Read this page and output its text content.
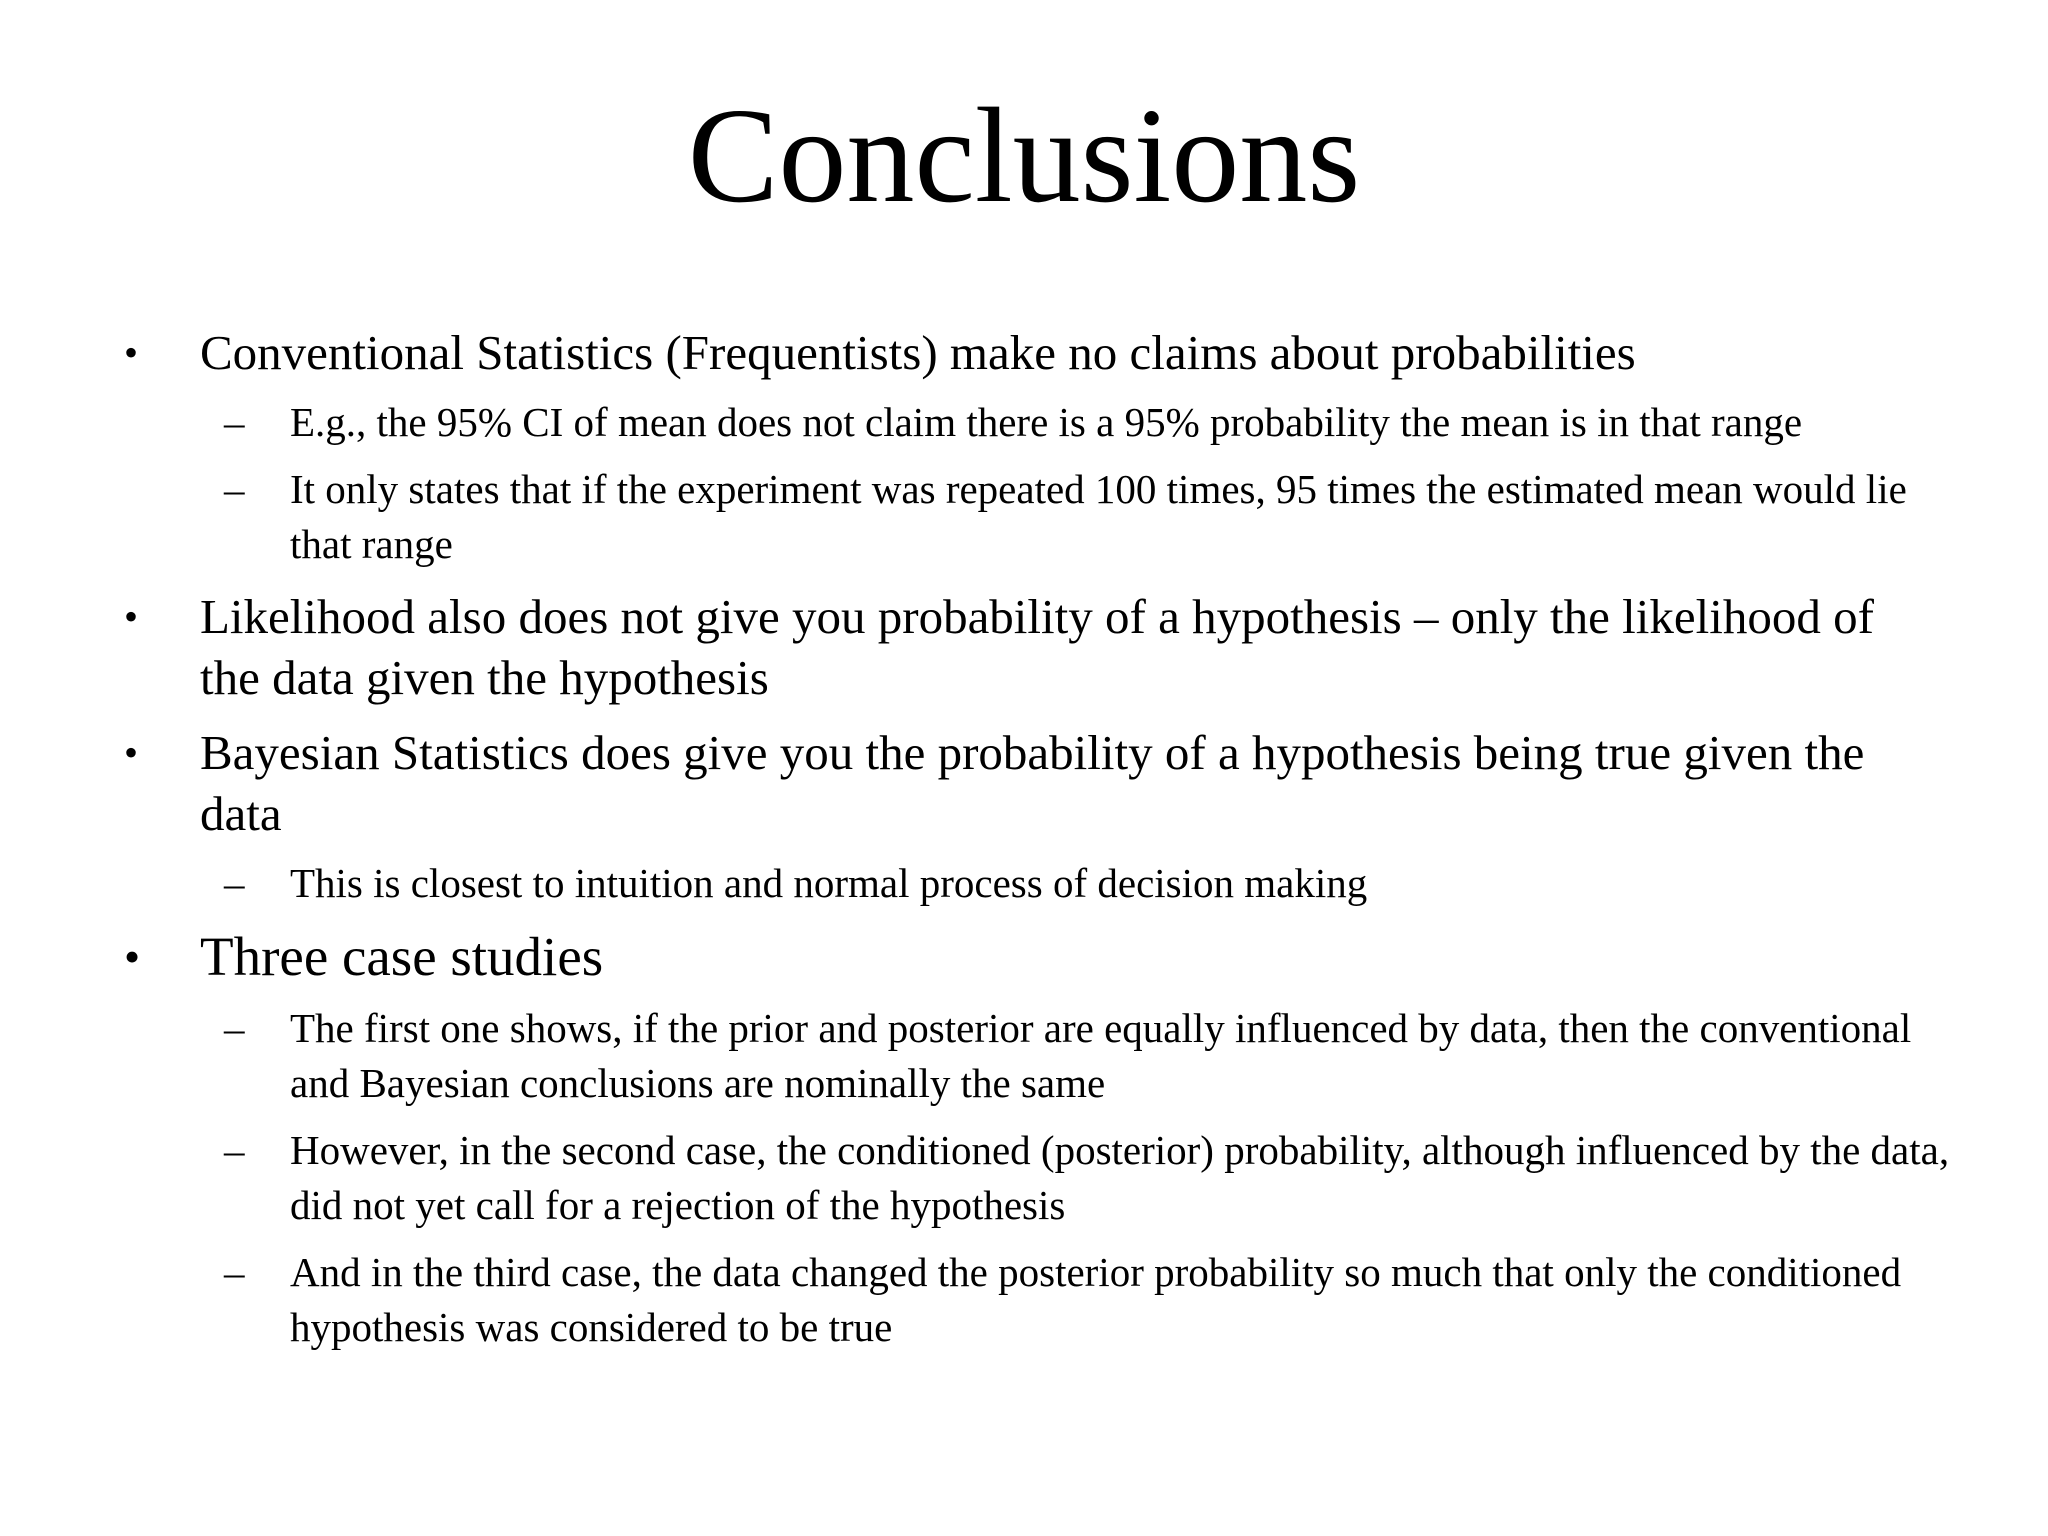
Conclusions
• Conventional Statistics (Frequentists) make no claims about probabilities
– E.g., the 95% CI of mean does not claim there is a 95% probability the mean is in that range
– It only states that if the experiment was repeated 100 times, 95 times the estimated mean would lie that range
• Likelihood also does not give you probability of a hypothesis – only the likelihood of the data given the hypothesis
• Bayesian Statistics does give you the probability of a hypothesis being true given the data
– This is closest to intuition and normal process of decision making
• Three case studies
– The first one shows, if the prior and posterior are equally influenced by data, then the conventional and Bayesian conclusions are nominally the same
– However, in the second case, the conditioned (posterior) probability, although influenced by the data, did not yet call for a rejection of the hypothesis
– And in the third case, the data changed the posterior probability so much that only the conditioned hypothesis was considered to be true
